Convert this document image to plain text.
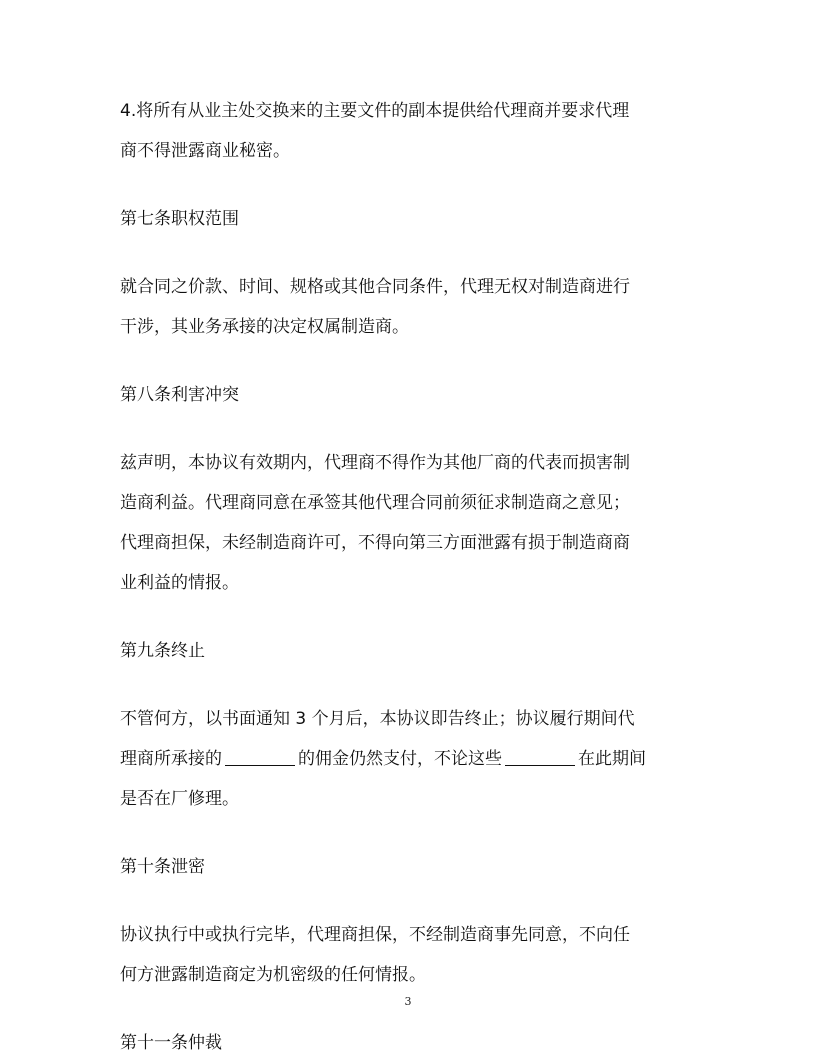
4.将所有从业主处交换来的主要文件的副本提供给代理商并要求代理

商不得泄露商业秘密。

第七条职权范围

就合同之价款、时间、规格或其他合同条件，代理无权对制造商进行

干涉，其业务承接的决定权属制造商。

第八条利害冲突

兹声明，本协议有效期内，代理商不得作为其他厂商的代表而损害制

造商利益。代理商同意在承签其他代理合同前须征求制造商之意见；

代理商担保，未经制造商许可，不得向第三方面泄露有损于制造商商

业利益的情报。

第九条终止

不管何方，以书面通知 3 个月后，本协议即告终止；协议履行期间代

理商所承接的	的佣金仍然支付，不论这些	在此期间

是否在厂修理。

第十条泄密

协议执行中或执行完毕，代理商担保，不经制造商事先同意，不向任

何方泄露制造商定为机密级的任何情报。

第十一条仲裁

3
